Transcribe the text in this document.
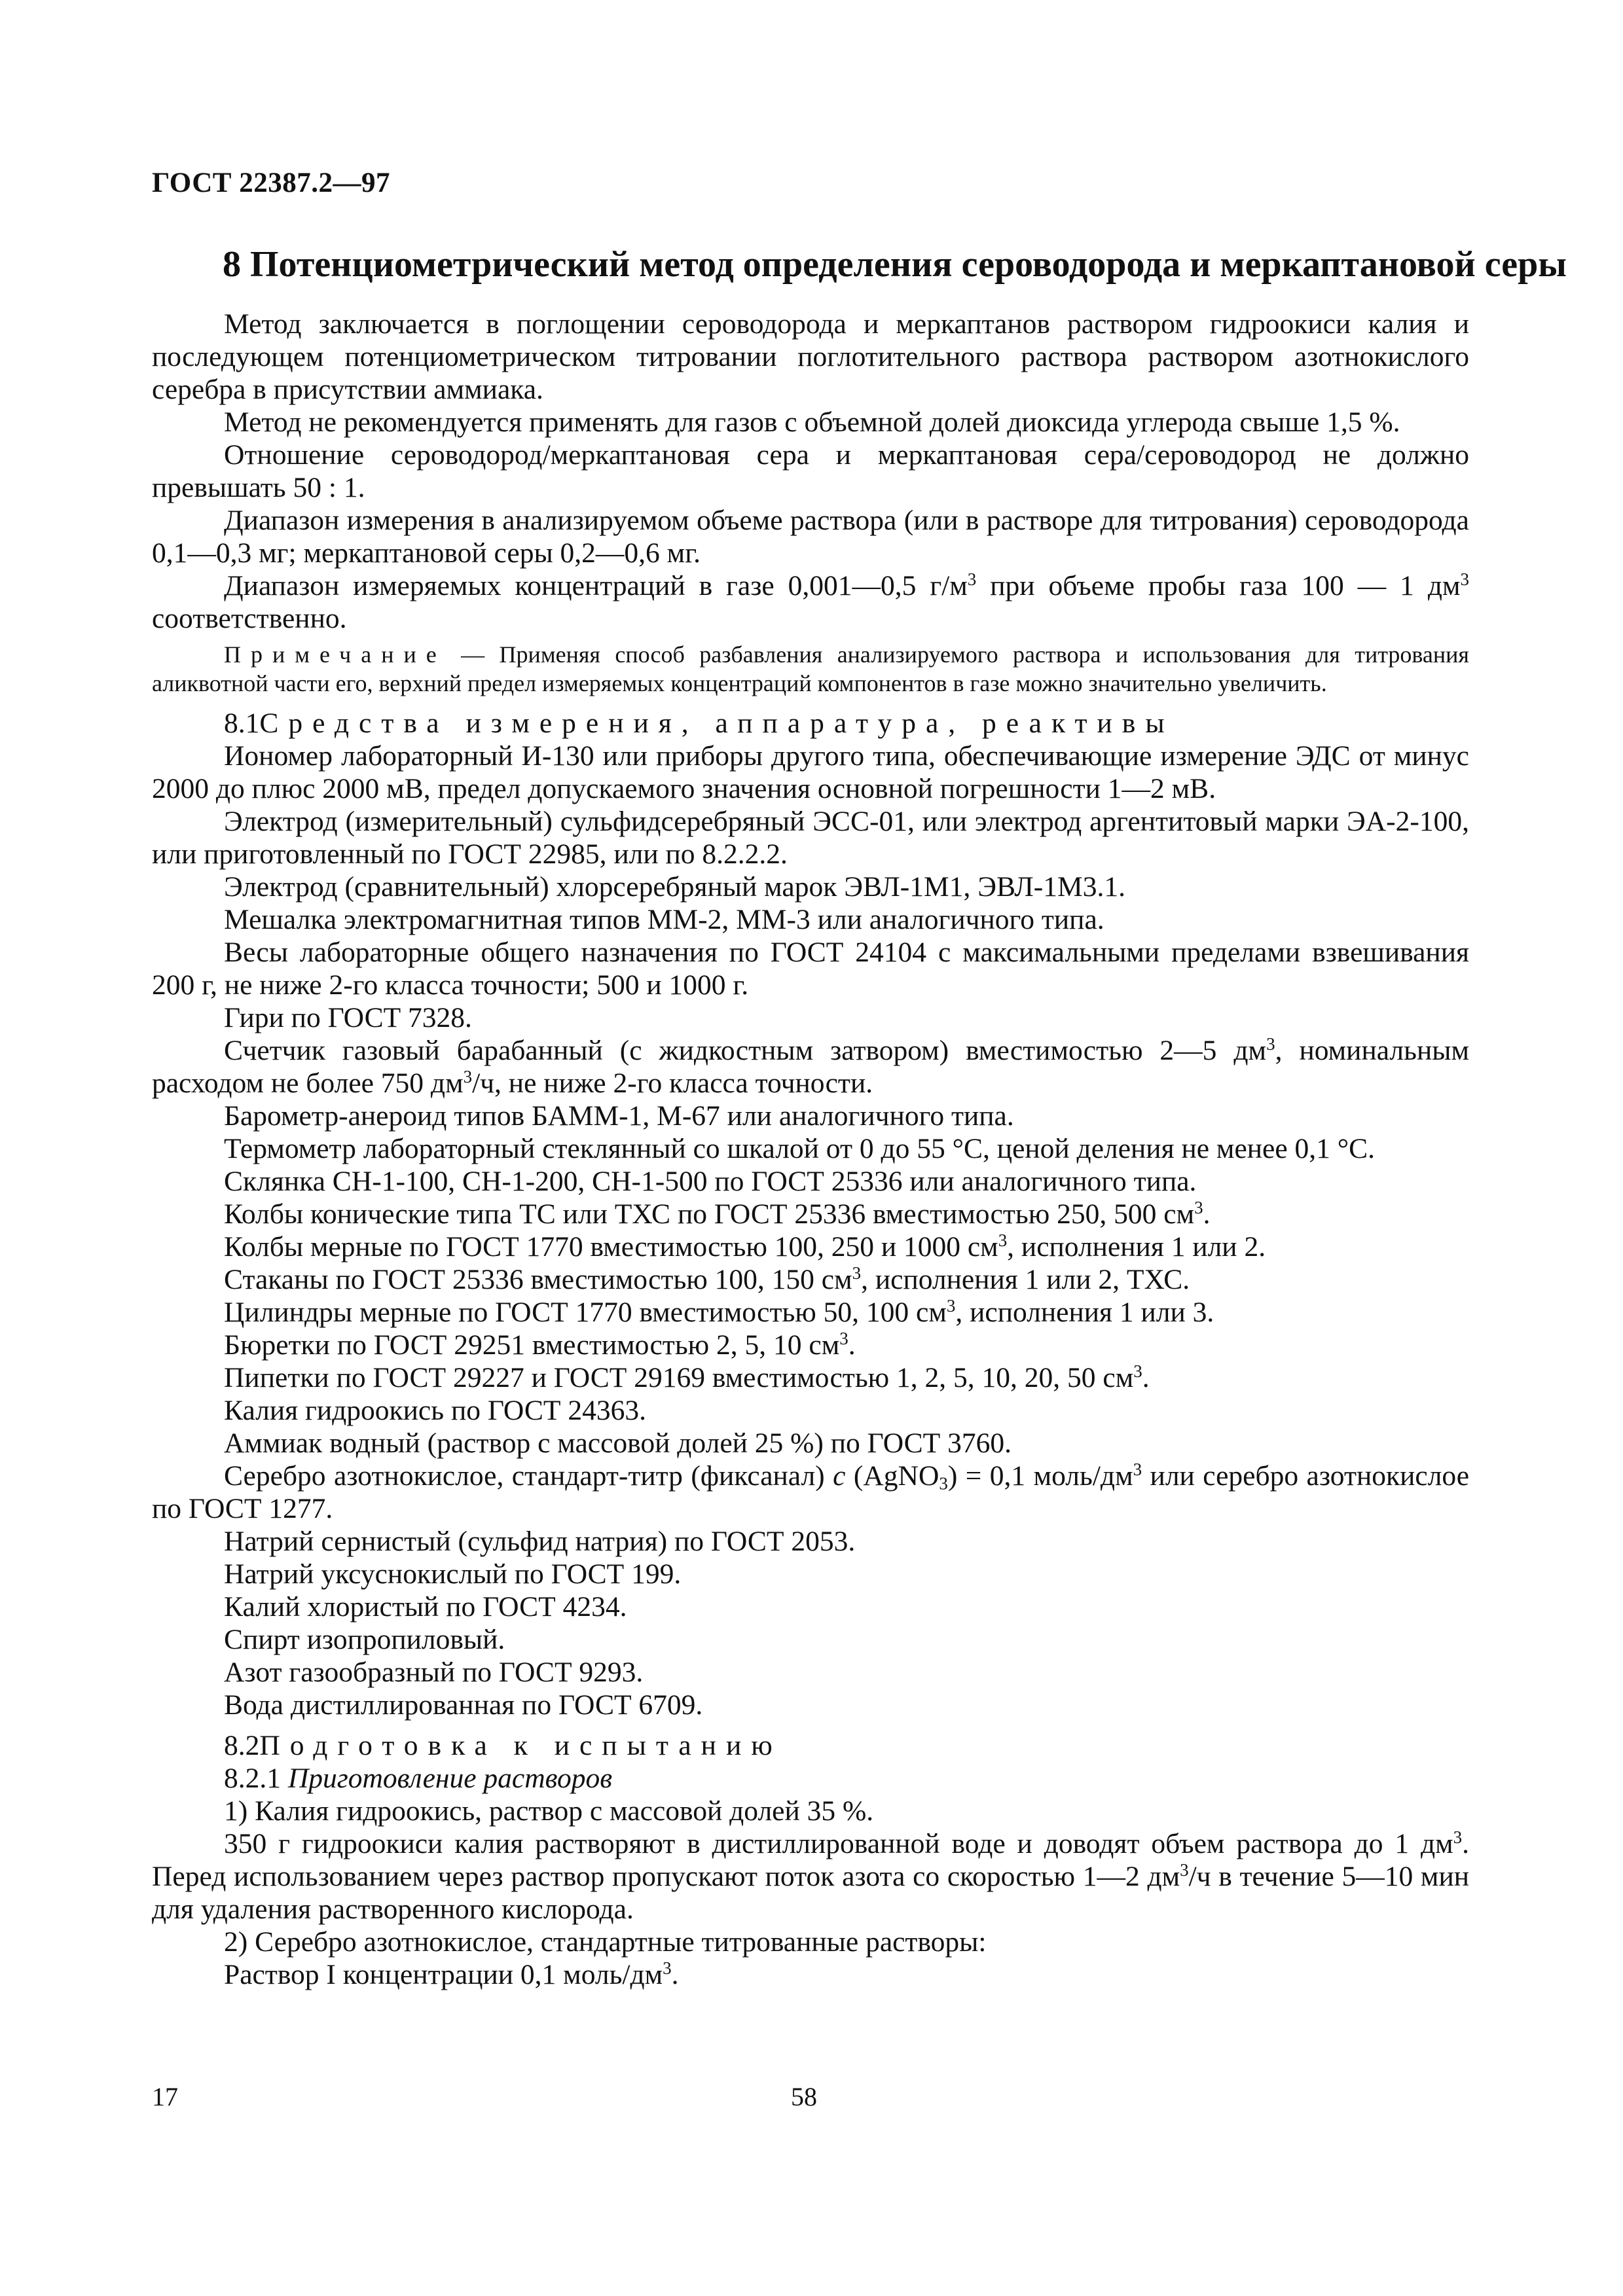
ГОСТ 22387.2—97
8 Потенциометрический метод определения сероводорода и меркаптановой серы

Метод заключается в поглощении сероводорода и меркаптанов раствором гидроокиси калия и последующем потенциометрическом титровании поглотительного раствора раствором азотнокислого серебра в присутствии аммиака.

Метод не рекомендуется применять для газов с объемной долей диоксида углерода свыше 1,5 %.

Отношение сероводород/меркаптановая сера и меркаптановая сера/сероводород не должно превышать 50 : 1.

Диапазон измерения в анализируемом объеме раствора (или в растворе для титрования) сероводорода 0,1—0,3 мг; меркаптановой серы 0,2—0,6 мг.

Диапазон измеряемых концентраций в газе 0,001—0,5 $г/м^3$ при объеме пробы газа 100 — 1 $дм^3$ соответственно.

Примечание — Применяя способ разбавления анализируемого раствора и использования для титрования аликвотной части его, верхний предел измеряемых концентраций компонентов в газе можно значительно увеличить.

8.1Средства измерения, аппаратура, реактивы

Иономер лабораторный И-130 или приборы другого типа, обеспечивающие измерение ЭДС от минус 2000 до плюс 2000 мВ, предел допускаемого значения основной погрешности 1—2 мВ.

Электрод (измерительный) сульфидсеребряный ЭСС-01, или электрод аргентитовый марки ЭА-2-100, или приготовленный по ГОСТ 22985, или по 8.2.2.2.

Электрод (сравнительный) хлорсеребряный марок ЭВЛ-1М1, ЭВЛ-1М3.1.

Мешалка электромагнитная типов ММ-2, ММ-3 или аналогичного типа.

Весы лабораторные общего назначения по ГОСТ 24104 с максимальными пределами взвешивания 200 г, не ниже 2-го класса точности; 500 и 1000 г.

Гири по ГОСТ 7328.

Счетчик газовый барабанный (с жидкостным затвором) вместимостью 2—5 $дм^3$, номинальным расходом не более 750 $дм^3/ч$, не ниже 2-го класса точности.

Барометр-анероид типов БАММ-1, М-67 или аналогичного типа.

Термометр лабораторный стеклянный со шкалой от 0 до 55 °С, ценой деления не менее 0,1 °С.

Склянка СН-1-100, СН-1-200, СН-1-500 по ГОСТ 25336 или аналогичного типа.

Колбы конические типа ТС или ТХС по ГОСТ 25336 вместимостью 250, 500 $см^3$.

Колбы мерные по ГОСТ 1770 вместимостью 100, 250 и 1000 $см^3$, исполнения 1 или 2.

Стаканы по ГОСТ 25336 вместимостью 100, 150 $см^3$, исполнения 1 или 2, ТХС.

Цилиндры мерные по ГОСТ 1770 вместимостью 50, 100 $см^3$, исполнения 1 или 3.

Бюретки по ГОСТ 29251 вместимостью 2, 5, 10 $см^3$.

Пипетки по ГОСТ 29227 и ГОСТ 29169 вместимостью 1, 2, 5, 10, 20, 50 $см^3$.

Калия гидроокись по ГОСТ 24363.

Аммиак водный (раствор с массовой долей 25 %) по ГОСТ 3760.

Серебро азотнокислое, стандарт-титр (фиксанал) с (AgNO$_3$) = 0,1 моль/$дм^3$ или серебро азотнокислое по ГОСТ 1277.

Натрий сернистый (сульфид натрия) по ГОСТ 2053.

Натрий уксуснокислый по ГОСТ 199.

Калий хлористый по ГОСТ 4234.

Спирт изопропиловый.

Азот газообразный по ГОСТ 9293.

Вода дистиллированная по ГОСТ 6709.

8.2Подготовка к испытанию

8.2.1 Приготовление растворов

1) Калия гидроокись, раствор с массовой долей 35 %.

350 г гидроокиси калия растворяют в дистиллированной воде и доводят объем раствора до 1 $дм^3$. Перед использованием через раствор пропускают поток азота со скоростью 1—2 $дм^3/ч$ в течение 5—10 мин для удаления растворенного кислорода.

2) Серебро азотнокислое, стандартные титрованные растворы:

Раствор I концентрации 0,1 моль/$дм^3$.

17	58
